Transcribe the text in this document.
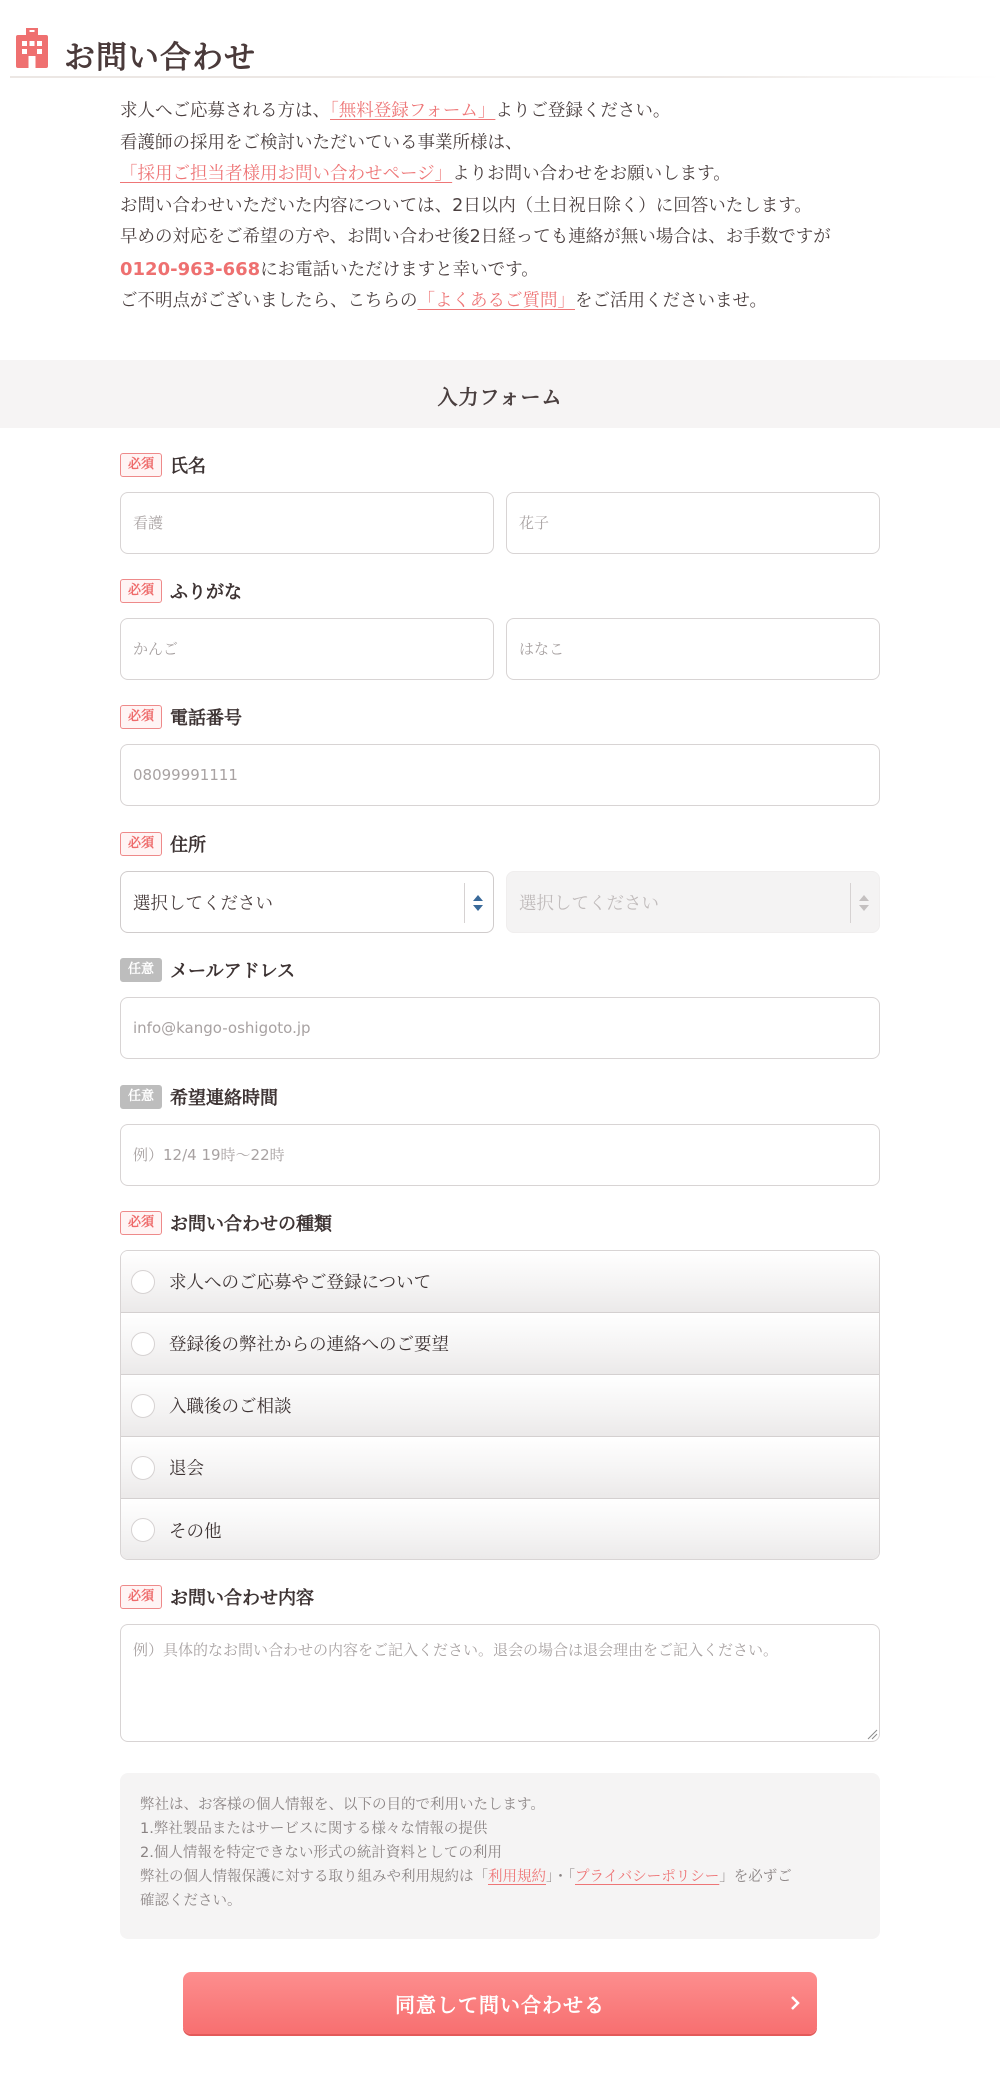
お問い合わせ

求人へご応募される方は、「無料登録フォーム」よりご登録ください。

看護師の採用をご検討いただいている事業所様は、

「採用ご担当者様用お問い合わせページ」よりお問い合わせをお願いします。

お問い合わせいただいた内容については、2日以内（土日祝日除く）に回答いたします。

早めの対応をご希望の方や、お問い合わせ後2日経っても連絡が無い場合は、お手数ですが

0120-963-668にお電話いただけますと幸いです。

ご不明点がございましたら、こちらの「よくあるご質問」をご活用くださいませ。

入力フォーム
必須 氏名
看護
花子
必須 ふりがな
かんご
はなこ
必須 電話番号
08099991111
必須 住所
選択してください	選択してください
任意 メールアドレス
info@kango-oshigoto.jp
任意 希望連絡時間
例）12/4 19時〜22時
必須 お問い合わせの種類
求人へのご応募やご登録について
登録後の弊社からの連絡へのご要望
入職後のご相談
退会
その他
必須 お問い合わせ内容
例）具体的なお問い合わせの内容をご記入ください。退会の場合は退会理由をご記入ください。

弊社は、お客様の個人情報を、以下の目的で利用いたします。

1.弊社製品またはサービスに関する様々な情報の提供

2.個人情報を特定できない形式の統計資料としての利用

弊社の個人情報保護に対する取り組みや利用規約は「利用規約」・「プライバシーポリシー」を必ずご

確認ください。

同意して問い合わせる
